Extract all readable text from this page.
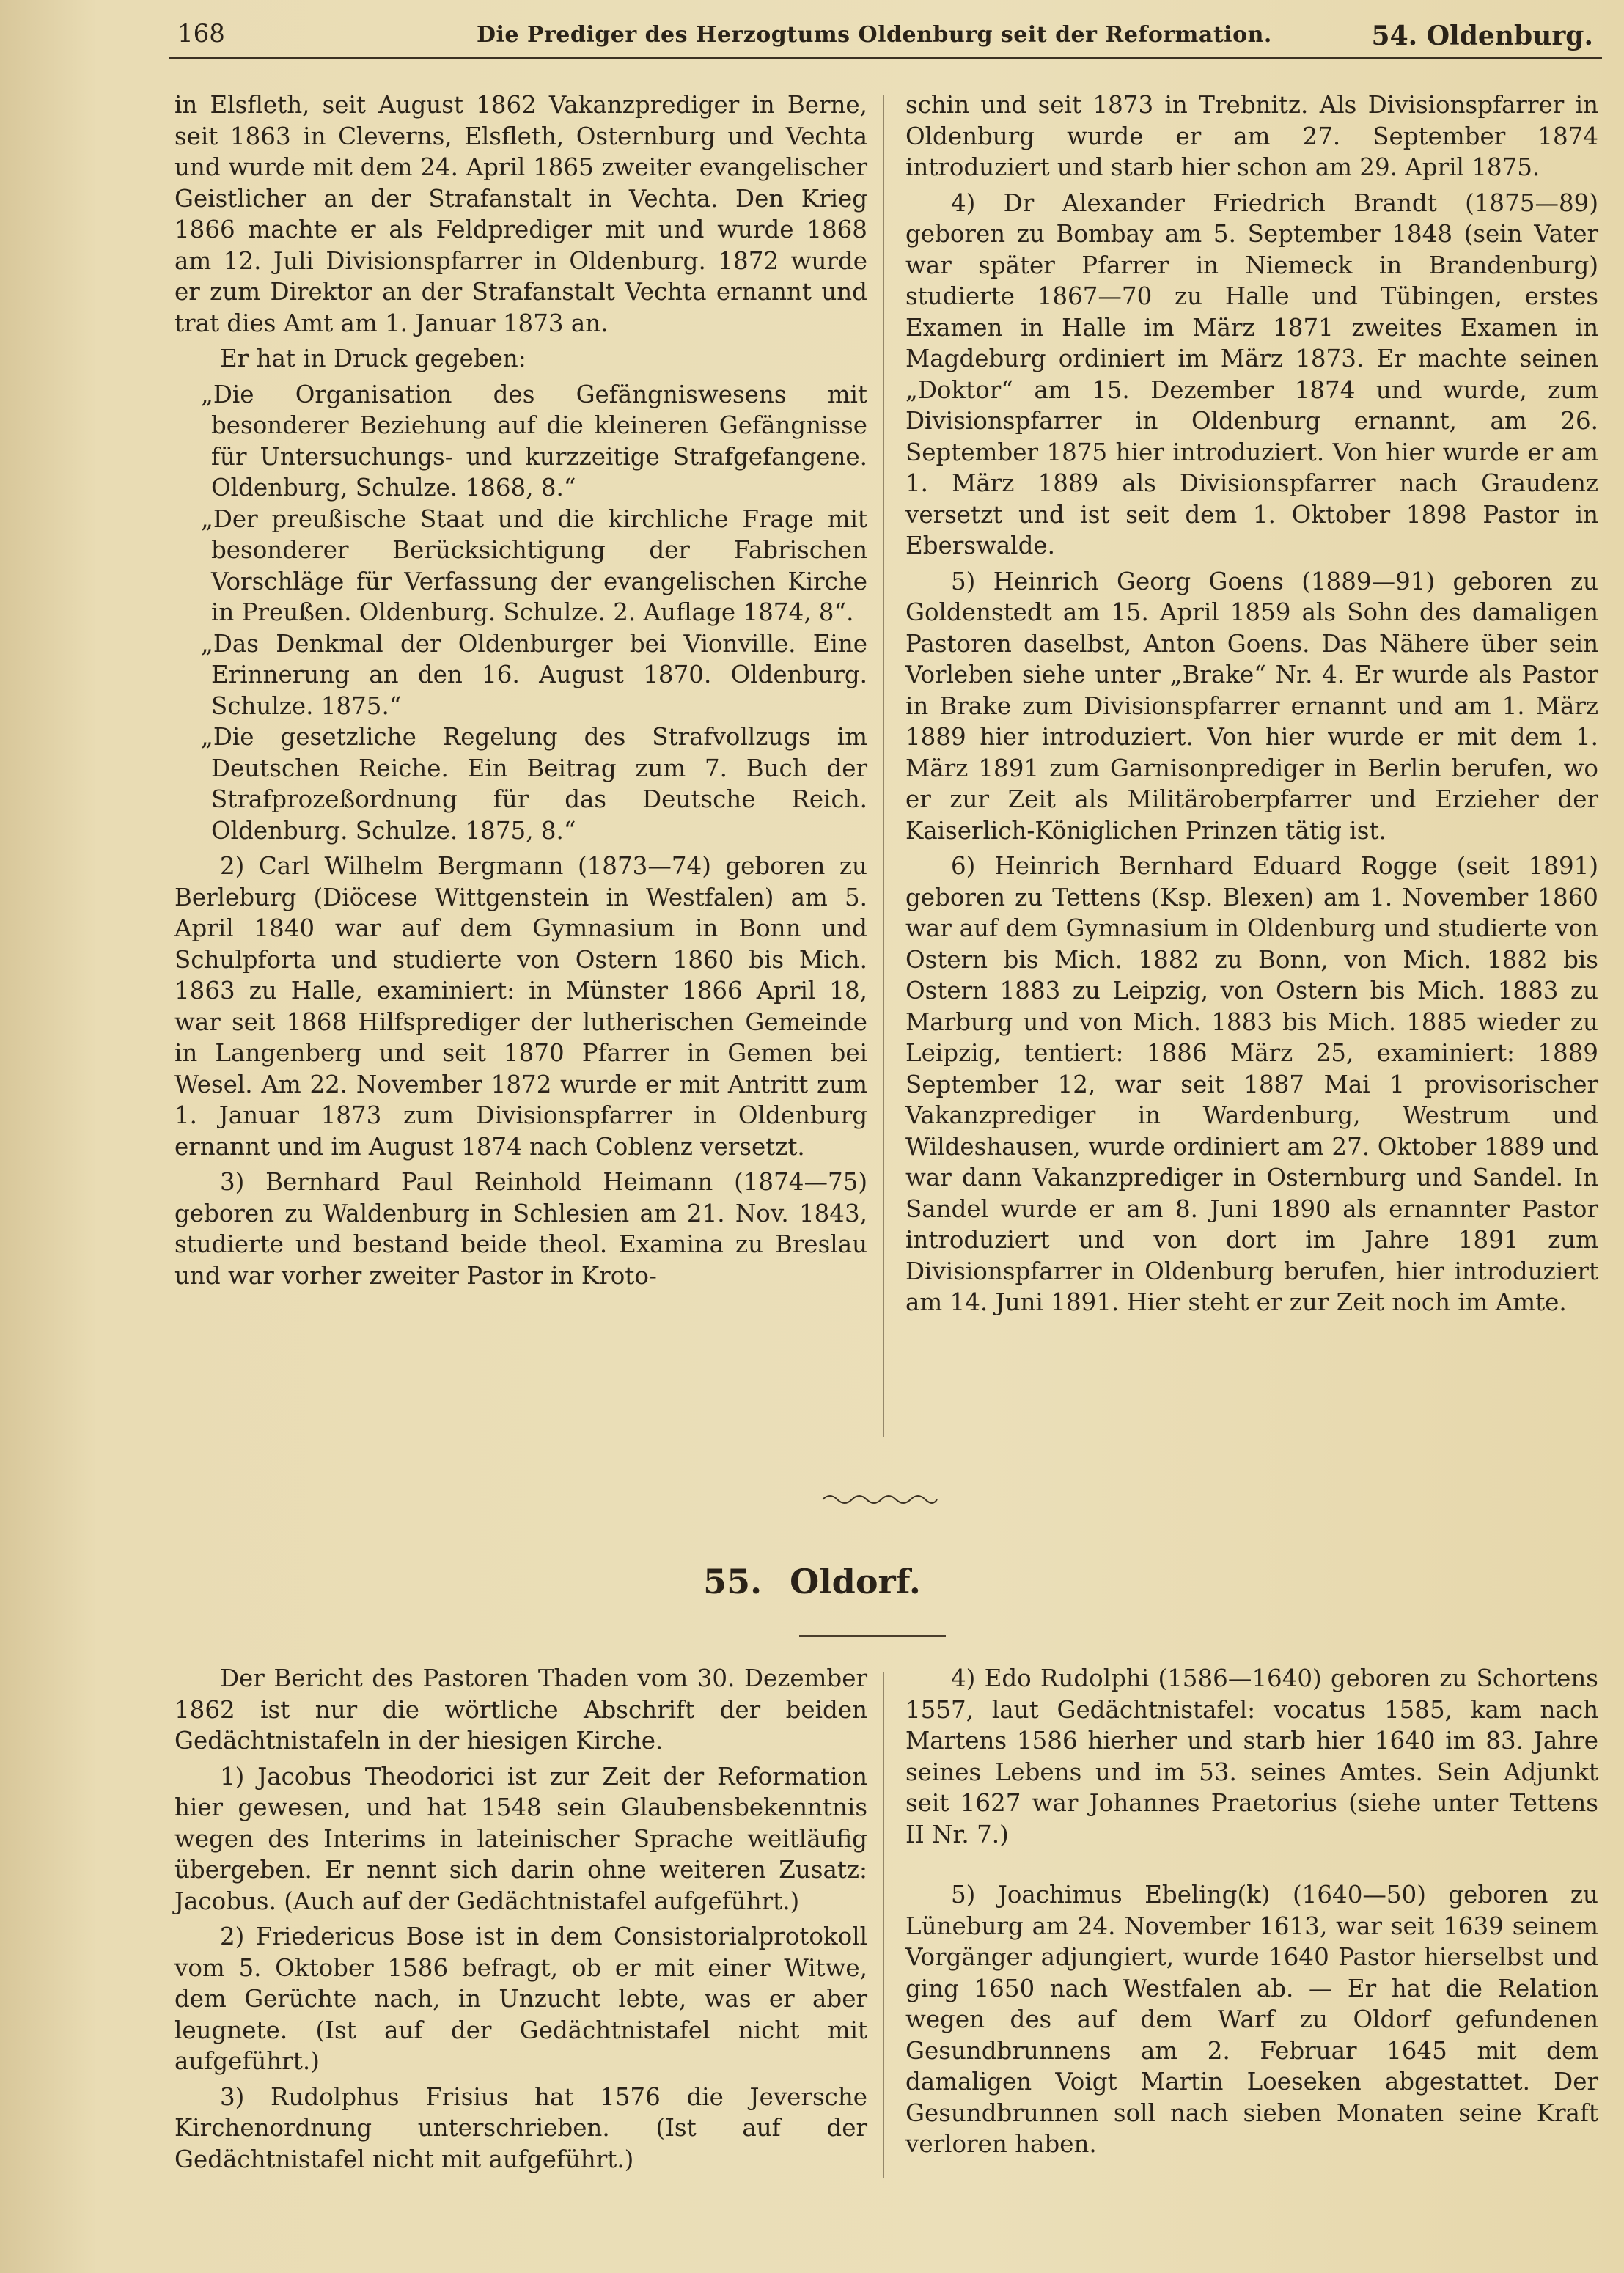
168	Die Prediger des Herzogtums Oldenburg seit der Reformation.	54. Oldenburg.

in Elsfleth, seit August 1862 Vakanzprediger in Berne, seit 1863 in Cleverns, Elsfleth, Osternburg und Vechta und wurde mit dem 24. April 1865 zweiter evangelischer Geistlicher an der Strafanstalt in Vechta. Den Krieg 1866 machte er als Feldprediger mit und wurde 1868 am 12. Juli Divisionspfarrer in Oldenburg. 1872 wurde er zum Direktor an der Strafanstalt Vechta ernannt und trat dies Amt am 1. Januar 1873 an.

Er hat in Druck gegeben:

„Die Organisation des Gefängniswesens mit besonderer Beziehung auf die kleineren Gefängnisse für Untersuchungs- und kurzzeitige Strafgefangene. Oldenburg, Schulze. 1868, 8.“

„Der preußische Staat und die kirchliche Frage mit besonderer Berücksichtigung der Fabrischen Vorschläge für Verfassung der evangelischen Kirche in Preußen. Oldenburg. Schulze. 2. Auflage 1874, 8“.

„Das Denkmal der Oldenburger bei Vionville. Eine Erinnerung an den 16. August 1870. Oldenburg. Schulze. 1875.“

„Die gesetzliche Regelung des Strafvollzugs im Deutschen Reiche. Ein Beitrag zum 7. Buch der Strafprozeßordnung für das Deutsche Reich. Oldenburg. Schulze. 1875, 8.“

2) Carl Wilhelm Bergmann (1873—74) geboren zu Berleburg (Diöcese Wittgenstein in Westfalen) am 5. April 1840 war auf dem Gymnasium in Bonn und Schulpforta und studierte von Ostern 1860 bis Mich. 1863 zu Halle, examiniert: in Münster 1866 April 18, war seit 1868 Hilfsprediger der lutherischen Gemeinde in Langenberg und seit 1870 Pfarrer in Gemen bei Wesel. Am 22. November 1872 wurde er mit Antritt zum 1. Januar 1873 zum Divisionspfarrer in Oldenburg ernannt und im August 1874 nach Coblenz versetzt.

3) Bernhard Paul Reinhold Heimann (1874—75) geboren zu Waldenburg in Schlesien am 21. Nov. 1843, studierte und bestand beide theol. Examina zu Breslau und war vorher zweiter Pastor in Kroto-

schin und seit 1873 in Trebnitz. Als Divisionspfarrer in Oldenburg wurde er am 27. September 1874 introduziert und starb hier schon am 29. April 1875.

4) Dr Alexander Friedrich Brandt (1875—89) geboren zu Bombay am 5. September 1848 (sein Vater war später Pfarrer in Niemeck in Brandenburg) studierte 1867—70 zu Halle und Tübingen, erstes Examen in Halle im März 1871 zweites Examen in Magdeburg ordiniert im März 1873. Er machte seinen „Doktor“ am 15. Dezember 1874 und wurde, zum Divisionspfarrer in Oldenburg ernannt, am 26. September 1875 hier introduziert. Von hier wurde er am 1. März 1889 als Divisionspfarrer nach Graudenz versetzt und ist seit dem 1. Oktober 1898 Pastor in Eberswalde.

5) Heinrich Georg Goens (1889—91) geboren zu Goldenstedt am 15. April 1859 als Sohn des damaligen Pastoren daselbst, Anton Goens. Das Nähere über sein Vorleben siehe unter „Brake“ Nr. 4. Er wurde als Pastor in Brake zum Divisionspfarrer ernannt und am 1. März 1889 hier introduziert. Von hier wurde er mit dem 1. März 1891 zum Garnisonprediger in Berlin berufen, wo er zur Zeit als Militäroberpfarrer und Erzieher der Kaiserlich-Königlichen Prinzen tätig ist.

6) Heinrich Bernhard Eduard Rogge (seit 1891) geboren zu Tettens (Ksp. Blexen) am 1. November 1860 war auf dem Gymnasium in Oldenburg und studierte von Ostern bis Mich. 1882 zu Bonn, von Mich. 1882 bis Ostern 1883 zu Leipzig, von Ostern bis Mich. 1883 zu Marburg und von Mich. 1883 bis Mich. 1885 wieder zu Leipzig, tentiert: 1886 März 25, examiniert: 1889 September 12, war seit 1887 Mai 1 provisorischer Vakanzprediger in Wardenburg, Westrum und Wildeshausen, wurde ordiniert am 27. Oktober 1889 und war dann Vakanzprediger in Osternburg und Sandel. In Sandel wurde er am 8. Juni 1890 als ernannter Pastor introduziert und von dort im Jahre 1891 zum Divisionspfarrer in Oldenburg berufen, hier introduziert am 14. Juni 1891. Hier steht er zur Zeit noch im Amte.

55. Oldorf.

Der Bericht des Pastoren Thaden vom 30. Dezember 1862 ist nur die wörtliche Abschrift der beiden Gedächtnistafeln in der hiesigen Kirche.

1) Jacobus Theodorici ist zur Zeit der Reformation hier gewesen, und hat 1548 sein Glaubensbekenntnis wegen des Interims in lateinischer Sprache weitläufig übergeben. Er nennt sich darin ohne weiteren Zusatz: Jacobus. (Auch auf der Gedächtnistafel aufgeführt.)

2) Friedericus Bose ist in dem Consistorialprotokoll vom 5. Oktober 1586 befragt, ob er mit einer Witwe, dem Gerüchte nach, in Unzucht lebte, was er aber leugnete. (Ist auf der Gedächtnistafel nicht mit aufgeführt.)

3) Rudolphus Frisius hat 1576 die Jeversche Kirchenordnung unterschrieben. (Ist auf der Gedächtnistafel nicht mit aufgeführt.)

4) Edo Rudolphi (1586—1640) geboren zu Schortens 1557, laut Gedächtnistafel: vocatus 1585, kam nach Martens 1586 hierher und starb hier 1640 im 83. Jahre seines Lebens und im 53. seines Amtes. Sein Adjunkt seit 1627 war Johannes Praetorius (siehe unter Tettens II Nr. 7.)

5) Joachimus Ebeling(k) (1640—50) geboren zu Lüneburg am 24. November 1613, war seit 1639 seinem Vorgänger adjungiert, wurde 1640 Pastor hierselbst und ging 1650 nach Westfalen ab. — Er hat die Relation wegen des auf dem Warf zu Oldorf gefundenen Gesundbrunnens am 2. Februar 1645 mit dem damaligen Voigt Martin Loeseken abgestattet. Der Gesundbrunnen soll nach sieben Monaten seine Kraft verloren haben.
